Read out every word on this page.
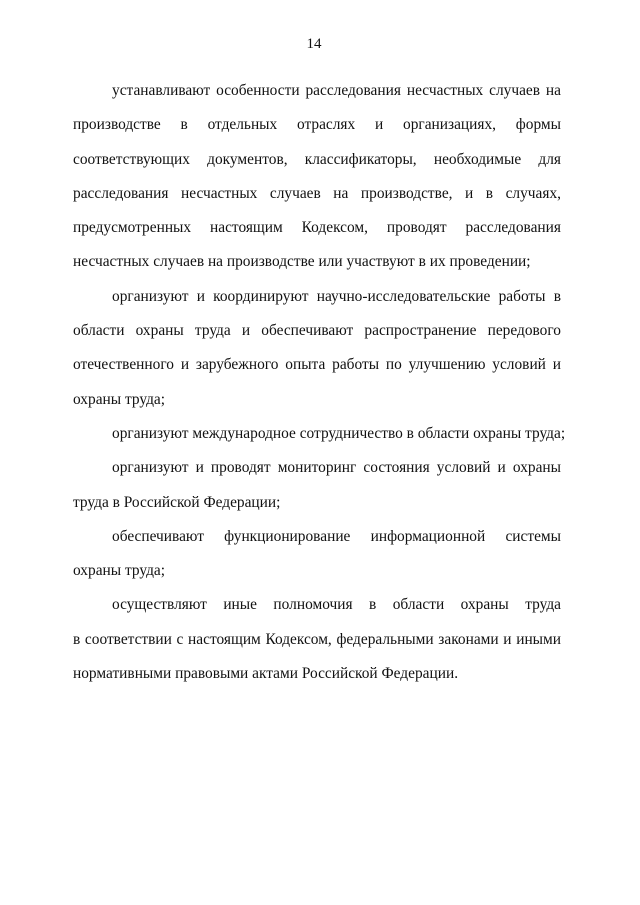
14

устанавливают особенности расследования несчастных случаев на
производстве в отдельных отраслях и организациях, формы
соответствующих документов, классификаторы, необходимые для
расследования несчастных случаев на производстве, и в случаях,
предусмотренных настоящим Кодексом, проводят расследования
несчастных случаев на производстве или участвуют в их проведении;

организуют и координируют научно-исследовательские работы в
области охраны труда и обеспечивают распространение передового
отечественного и зарубежного опыта работы по улучшению условий и
охраны труда;

организуют международное сотрудничество в области охраны труда;

организуют и проводят мониторинг состояния условий и охраны
труда в Российской Федерации;

обеспечивают функционирование информационной системы
охраны труда;

осуществляют иные полномочия в области охраны труда
в соответствии с настоящим Кодексом, федеральными законами и иными
нормативными правовыми актами Российской Федерации.
